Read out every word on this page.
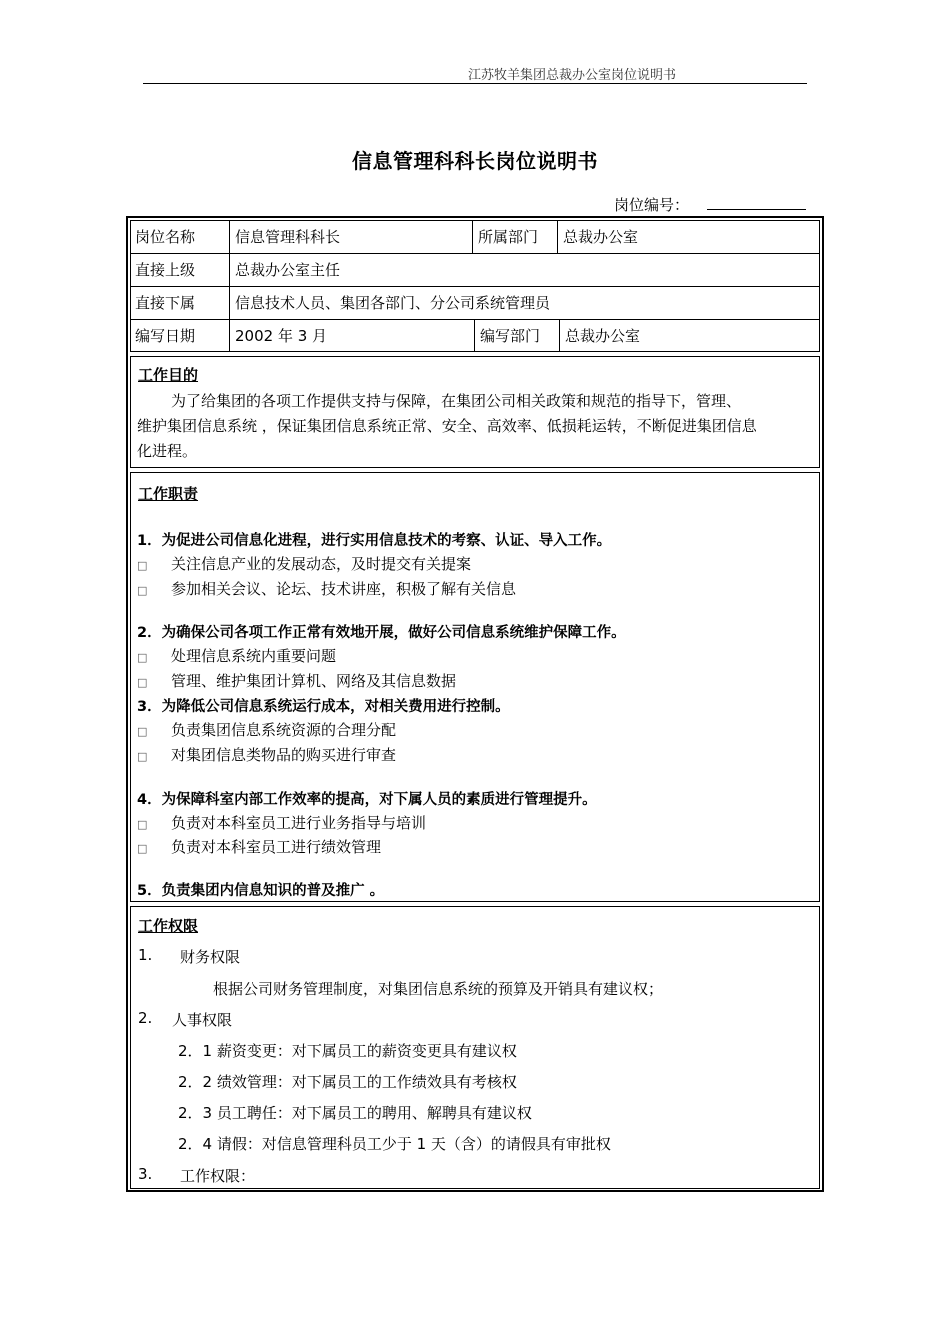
江苏牧羊集团总裁办公室岗位说明书
信息管理科科长岗位说明书
岗位编号：
岗位名称	信息管理科科长	所属部门 总裁办公室
直接上级	总裁办公室主任
直接下属	信息技术人员、集团各部门、分公司系统管理员
编写日期	2002 年 3 月	编写部门 总裁办公室
工作目的
为了给集团的各项工作提供支持与保障，在集团公司相关政策和规范的指导下，管理、
维护集团信息系统 ，保证集团信息系统正常、安全、高效率、低损耗运转，不断促进集团信息
化进程。
工作职责
1．为促进公司信息化进程，进行实用信息技术的考察、认证、导入工作。
□ 关注信息产业的发展动态，及时提交有关提案
□ 参加相关会议、论坛、技术讲座，积极了解有关信息
2．为确保公司各项工作正常有效地开展，做好公司信息系统维护保障工作。
□ 处理信息系统内重要问题
□ 管理、维护集团计算机、网络及其信息数据
3．为降低公司信息系统运行成本，对相关费用进行控制。
□ 负责集团信息系统资源的合理分配
□ 对集团信息类物品的购买进行审查
4．为保障科室内部工作效率的提高，对下属人员的素质进行管理提升。
□ 负责对本科室员工进行业务指导与培训
□ 负责对本科室员工进行绩效管理
5．负责集团内信息知识的普及推广 。
工作权限
1. 财务权限
根据公司财务管理制度，对集团信息系统的预算及开销具有建议权；
2. 人事权限
2．1 薪资变更：对下属员工的薪资变更具有建议权
2．2 绩效管理：对下属员工的工作绩效具有考核权
2．3 员工聘任：对下属员工的聘用、解聘具有建议权
2．4 请假：对信息管理科员工少于 1 天（含）的请假具有审批权
3. 工作权限：
